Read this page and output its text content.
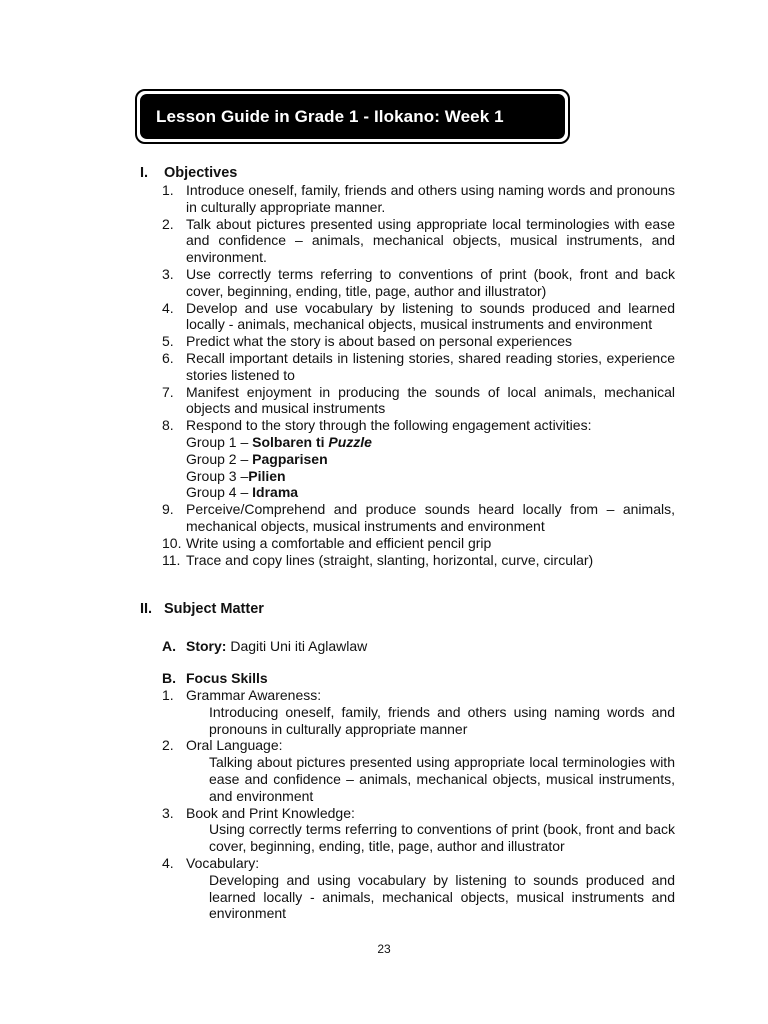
Lesson Guide in Grade 1 - Ilokano: Week 1
I. Objectives
1. Introduce oneself, family, friends and others using naming words and pronouns in culturally appropriate manner.
2. Talk about pictures presented using appropriate local terminologies with ease and confidence – animals, mechanical objects, musical instruments, and environment.
3. Use correctly terms referring to conventions of print (book, front and back cover, beginning, ending, title, page, author and illustrator)
4. Develop and use vocabulary by listening to sounds produced and learned locally - animals, mechanical objects, musical instruments and environment
5. Predict what the story is about based on personal experiences
6. Recall important details in listening stories, shared reading stories, experience stories listened to
7. Manifest enjoyment in producing the sounds of local animals, mechanical objects and musical instruments
8. Respond to the story through the following engagement activities:
Group 1 – Solbaren ti Puzzle
Group 2 – Pagparisen
Group 3 –Pilien
Group 4 – Idrama
9. Perceive/Comprehend and produce sounds heard locally from – animals, mechanical objects, musical instruments and environment
10. Write using a comfortable and efficient pencil grip
11. Trace and copy lines (straight, slanting, horizontal, curve, circular)
II. Subject Matter
A. Story: Dagiti Uni iti Aglawlaw
B. Focus Skills
1. Grammar Awareness:
Introducing oneself, family, friends and others using naming words and pronouns in culturally appropriate manner
2. Oral Language:
Talking about pictures presented using appropriate local terminologies with ease and confidence – animals, mechanical objects, musical instruments, and environment
3. Book and Print Knowledge:
Using correctly terms referring to conventions of print (book, front and back cover, beginning, ending, title, page, author and illustrator
4. Vocabulary:
Developing and using vocabulary by listening to sounds produced and learned locally - animals, mechanical objects, musical instruments and environment
23
